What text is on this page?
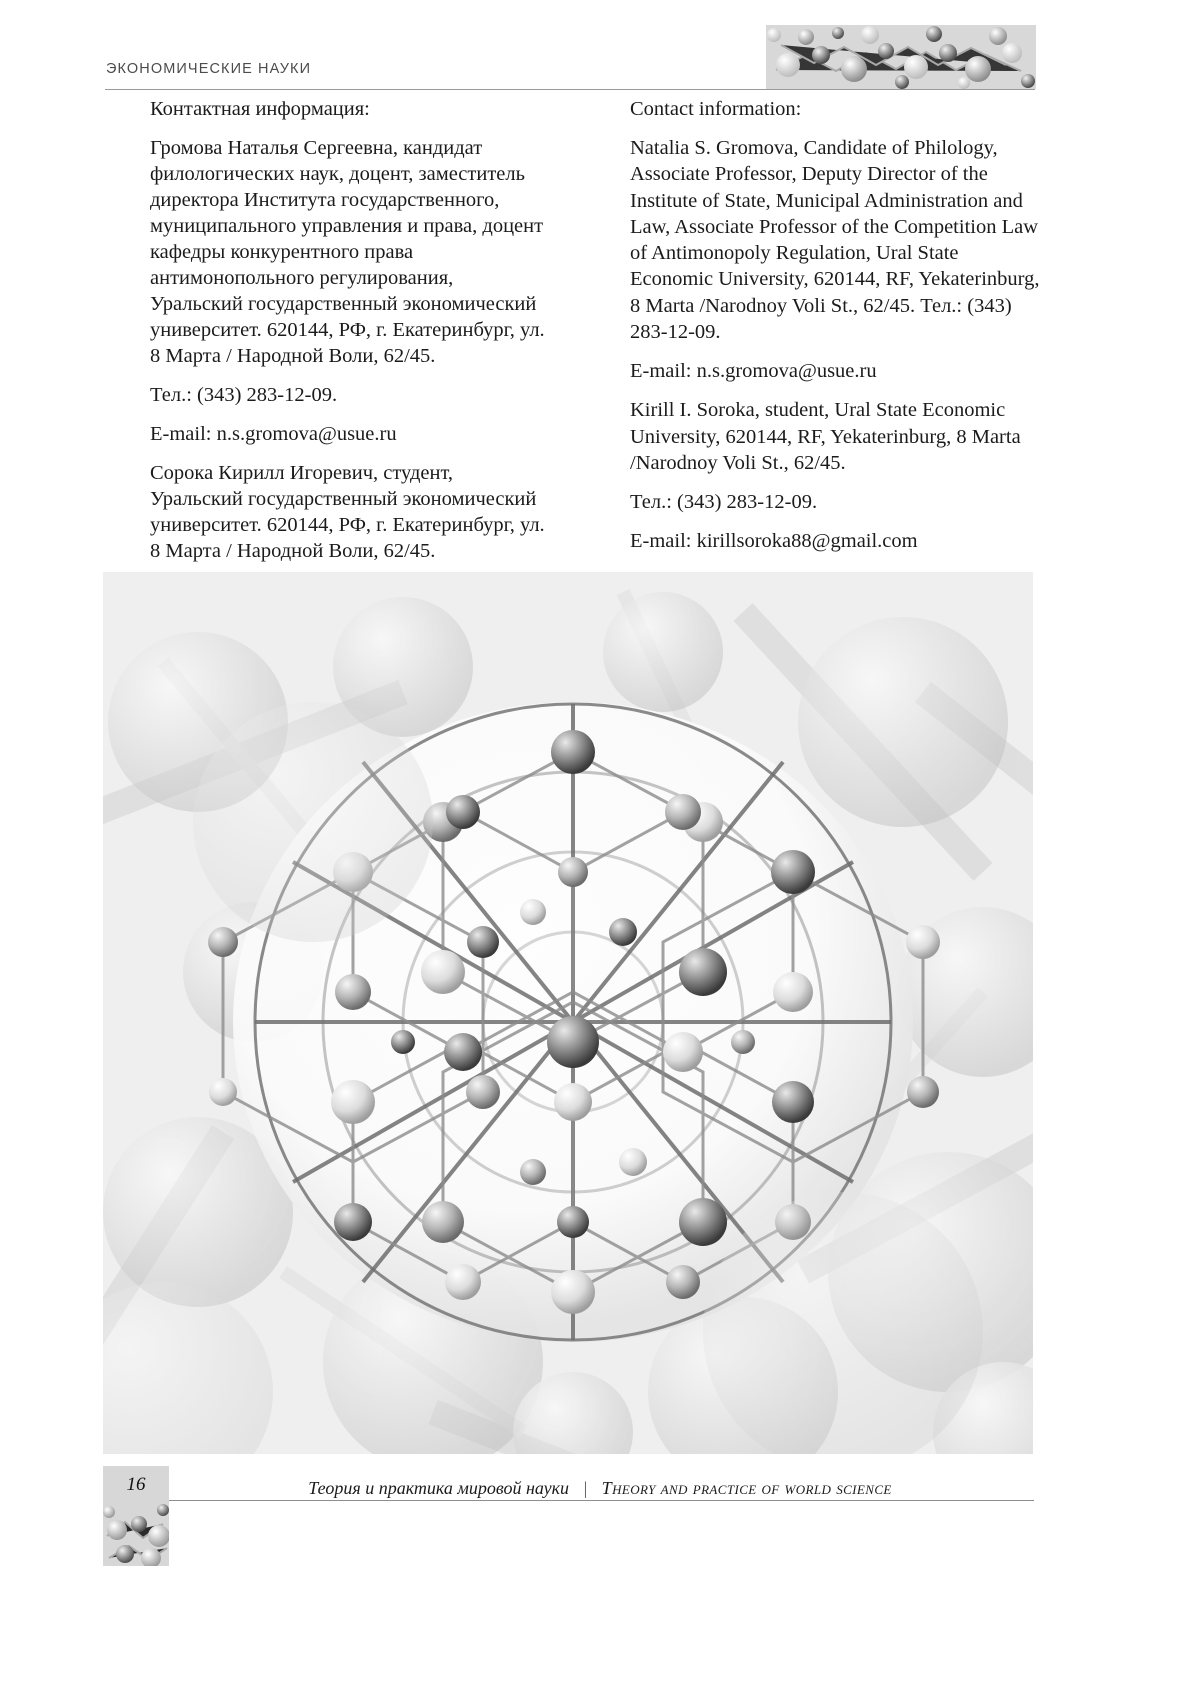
ЭКОНОМИЧЕСКИЕ НАУКИ

Контактная информация:

Громова Наталья Сергеевна, кандидат филологических наук, доцент, заместитель директора Института государственного, муниципального управления и права, доцент кафедры конкурентного права антимонопольного регулирования, Уральский государственный экономический университет. 620144, РФ, г. Екатеринбург, ул. 8 Марта / Народной Воли, 62/45.

Тел.: (343) 283-12-09.

E-mail: n.s.gromova@usue.ru

Сорока Кирилл Игоревич, студент, Уральский государственный экономический университет. 620144, РФ, г. Екатеринбург, ул. 8 Марта / Народной Воли, 62/45.

Contact information:

Natalia S. Gromova, Candidate of Philology, Associate Professor, Deputy Director of the Institute of State, Municipal Administration and Law, Associate Professor of the Competition Law of Antimonopoly Regulation, Ural State Economic University, 620144, RF, Yekaterinburg, 8 Marta /Narodnoy Voli St., 62/45. Тел.: (343) 283-12-09.

E-mail: n.s.gromova@usue.ru

Kirill I. Soroka, student, Ural State Economic University, 620144, RF, Yekaterinburg, 8 Marta /Narodnoy Voli St., 62/45.

Тел.: (343) 283-12-09.

E-mail: kirillsoroka88@gmail.com

Теория и практика мировой науки | Theory and practice of world science
16
